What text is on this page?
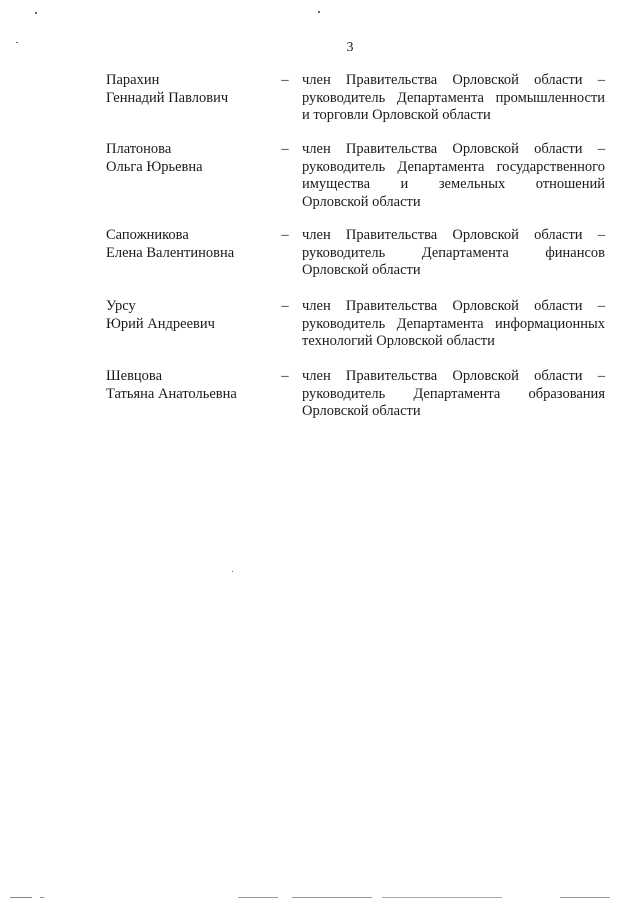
3
Парахин
Геннадий Павлович
– член Правительства Орловской области –
руководитель Департамента промышленности
и торговли Орловской области
Платонова
Ольга Юрьевна
– член Правительства Орловской области –
руководитель Департамента государственного
имущества и земельных отношений
Орловской области
Сапожникова
Елена Валентиновна
– член Правительства Орловской области –
руководитель Департамента финансов
Орловской области
Урсу
Юрий Андреевич
– член Правительства Орловской области –
руководитель Департамента информационных
технологий Орловской области
Шевцова
Татьяна Анатольевна
– член Правительства Орловской области –
руководитель Департамента образования
Орловской области
